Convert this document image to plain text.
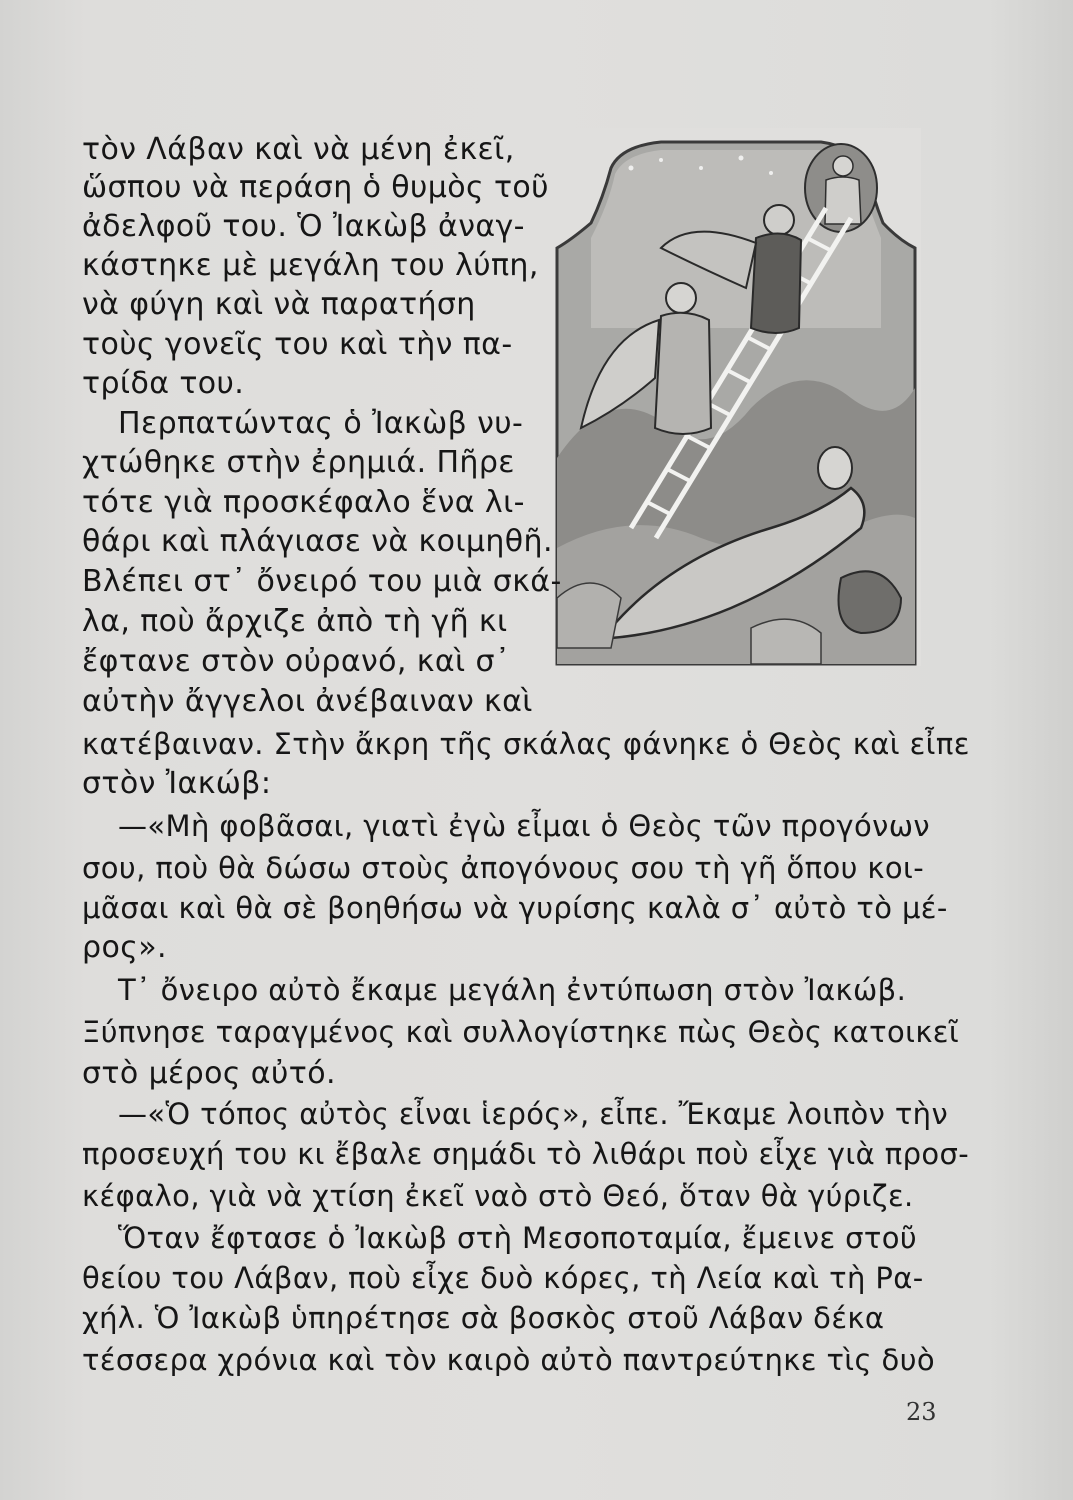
τὸν Λάβαν καὶ νὰ μένη ἐκεῖ,
ὥσπου νὰ περάση ὁ θυμὸς τοῦ
ἀδελφοῦ του. Ὁ Ἰακὼβ ἀναγ-
κάστηκε μὲ μεγάλη του λύπη,
νὰ φύγη καὶ νὰ παρατήση
τοὺς γονεῖς του καὶ τὴν πα-
τρίδα του.
Περπατώντας ὁ Ἰακὼβ νυ-
χτώθηκε στὴν ἐρημιά. Πῆρε
τότε γιὰ προσκέφαλο ἕνα λι-
θάρι καὶ πλάγιασε νὰ κοιμηθῆ.
Βλέπει στ᾿ ὄνειρό του μιὰ σκά-
λα, ποὺ ἄρχιζε ἀπὸ τὴ γῆ κι
ἔφτανε στὸν οὐρανό, καὶ σ᾿
αὐτὴν ἄγγελοι ἀνέβαιναν καὶ
κατέβαιναν. Στὴν ἄκρη τῆς σκάλας φάνηκε ὁ Θεὸς καὶ εἶπε
στὸν Ἰακώβ:
—«Μὴ φοβᾶσαι, γιατὶ ἐγὼ εἶμαι ὁ Θεὸς τῶν προγόνων
σου, ποὺ θὰ δώσω στοὺς ἀπογόνους σου τὴ γῆ ὅπου κοι-
μᾶσαι καὶ θὰ σὲ βοηθήσω νὰ γυρίσης καλὰ σ᾿ αὐτὸ τὸ μέ-
ρος».
Τ᾿ ὄνειρο αὐτὸ ἔκαμε μεγάλη ἐντύπωση στὸν Ἰακώβ.
Ξύπνησε ταραγμένος καὶ συλλογίστηκε πὼς Θεὸς κατοικεῖ
στὸ μέρος αὐτό.
—«Ὁ τόπος αὐτὸς εἶναι ἱερός», εἶπε. Ἔκαμε λοιπὸν τὴν
προσευχή του κι ἔβαλε σημάδι τὸ λιθάρι ποὺ εἶχε γιὰ προσ-
κέφαλο, γιὰ νὰ χτίση ἐκεῖ ναὸ στὸ Θεό, ὅταν θὰ γύριζε.
Ὅταν ἔφτασε ὁ Ἰακὼβ στὴ Μεσοποταμία, ἔμεινε στοῦ
θείου του Λάβαν, ποὺ εἶχε δυὸ κόρες, τὴ Λεία καὶ τὴ Ρα-
χήλ. Ὁ Ἰακὼβ ὑπηρέτησε σὰ βοσκὸς στοῦ Λάβαν δέκα
τέσσερα χρόνια καὶ τὸν καιρὸ αὐτὸ παντρεύτηκε τὶς δυὸ
23
